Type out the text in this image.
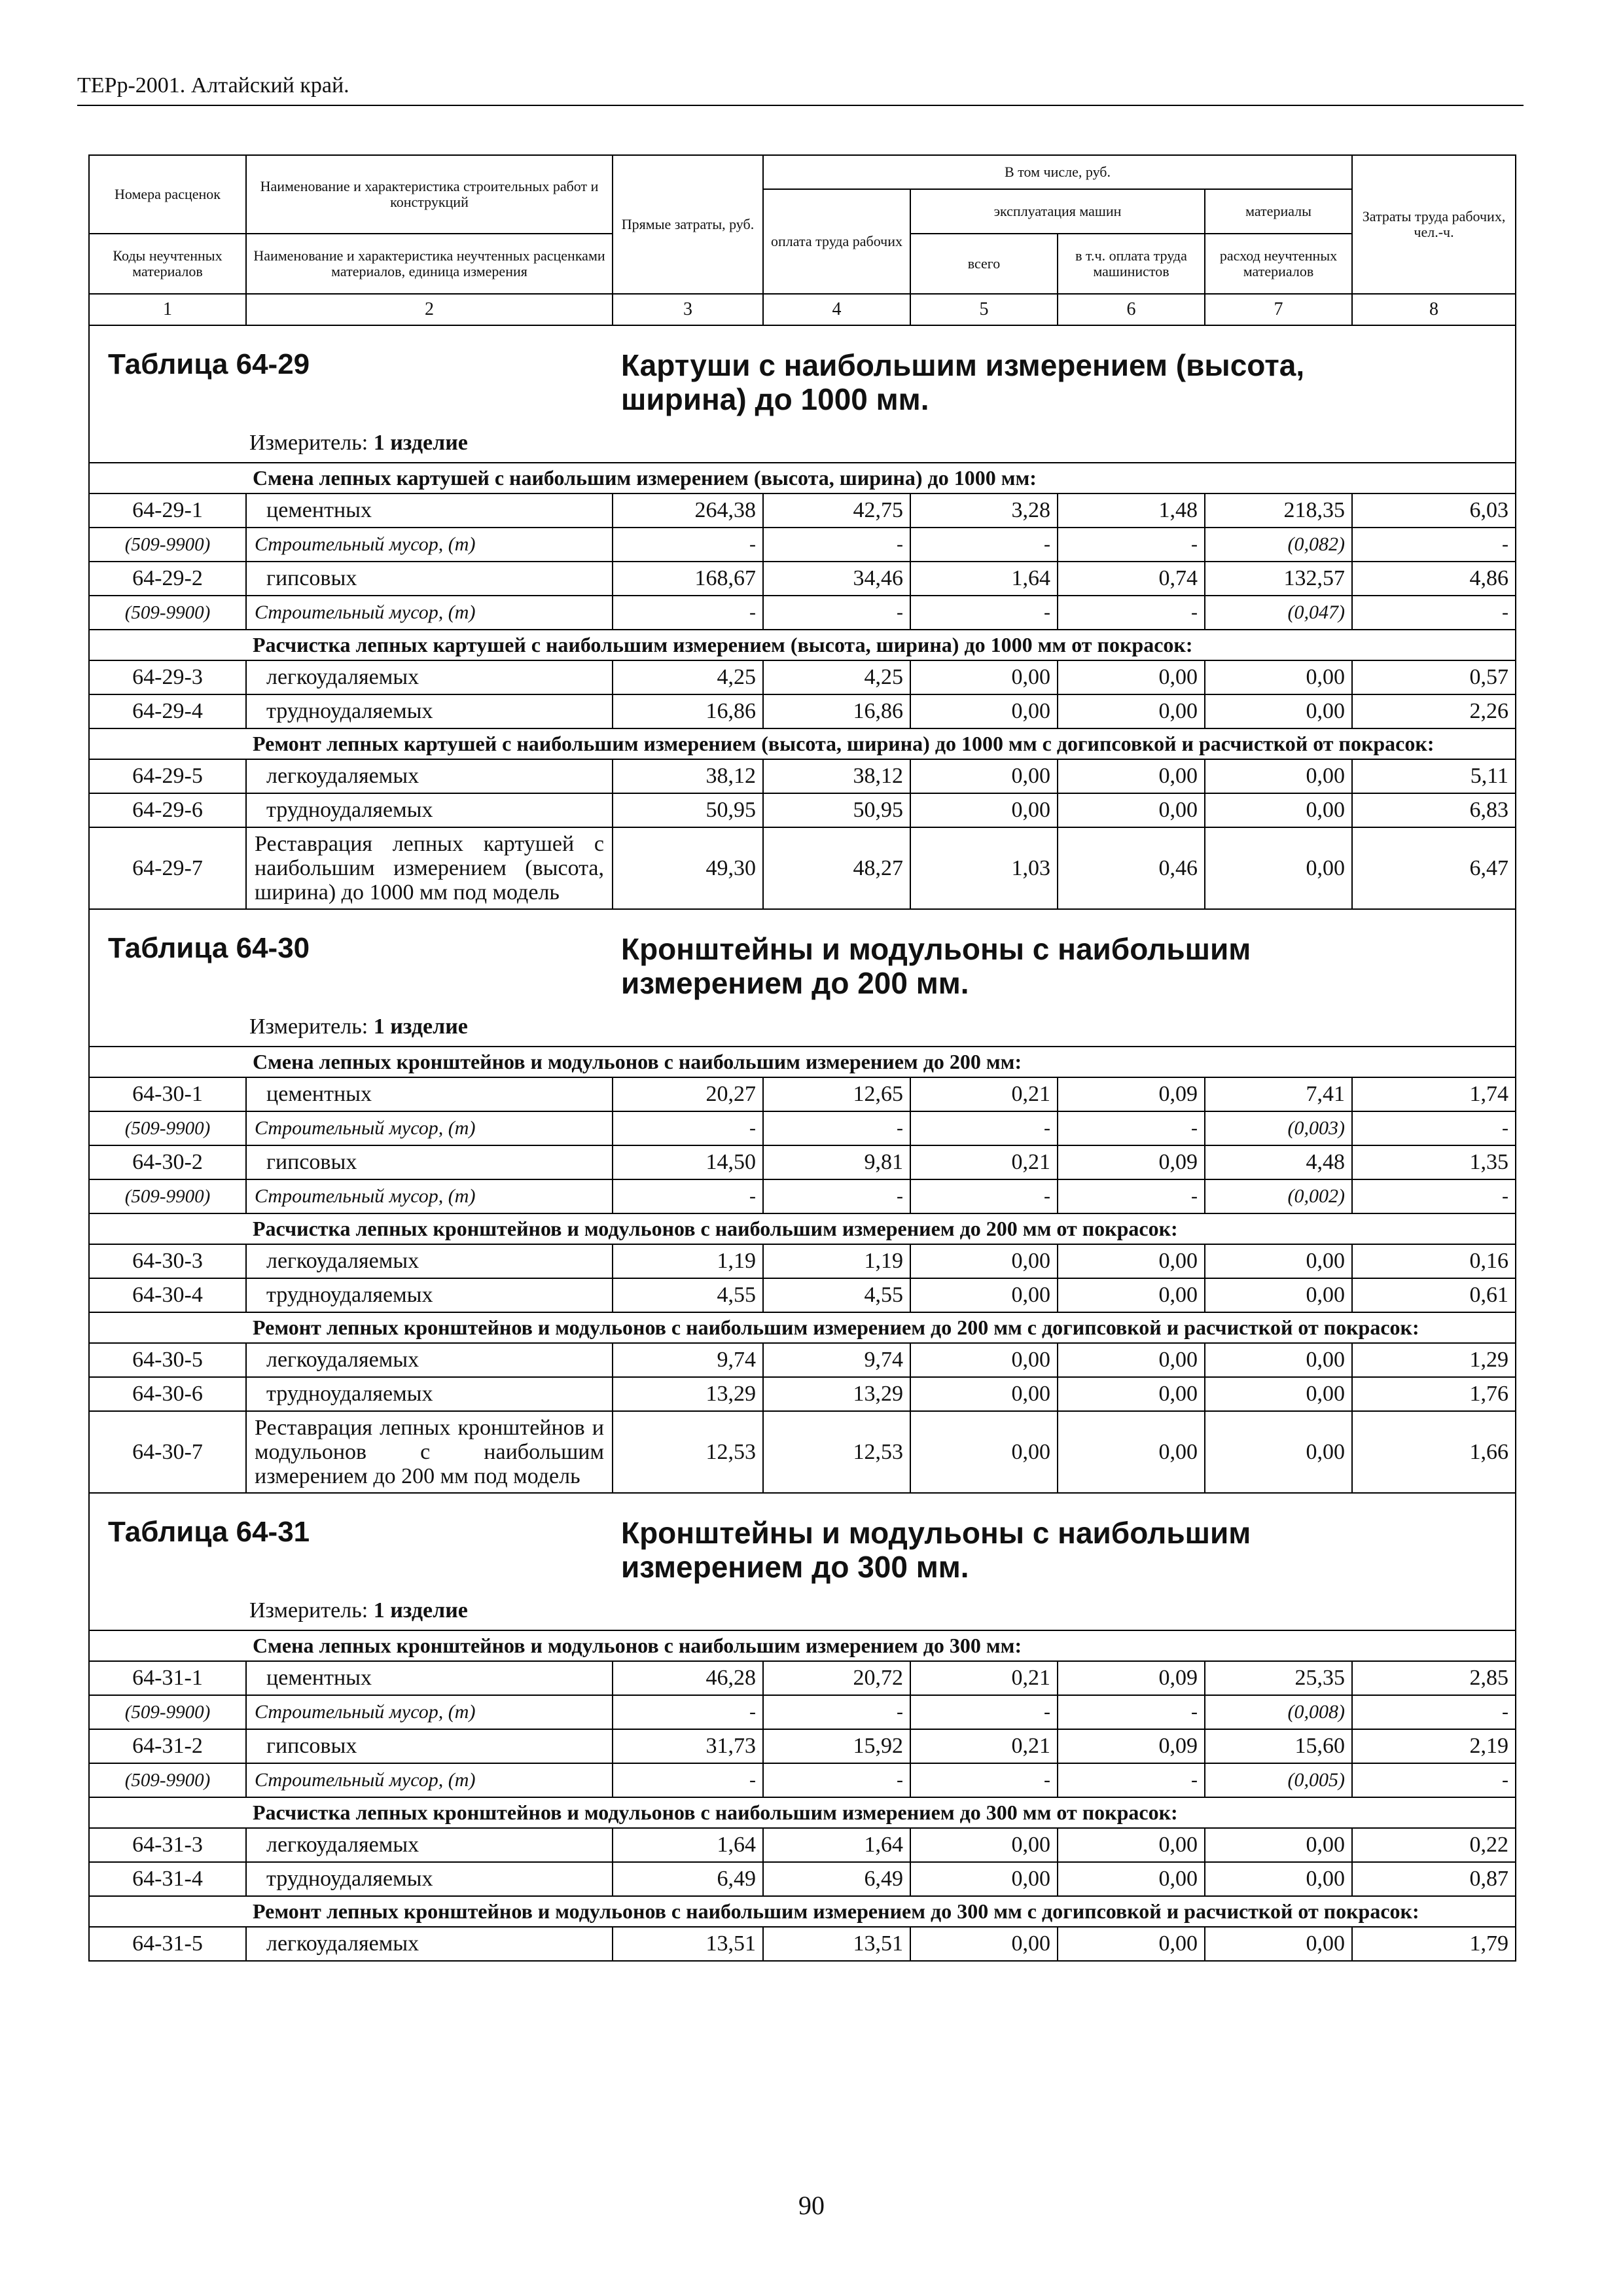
ТЕРр-2001. Алтайский край.
Номера расценок	Наименование и характеристика строительных работ и конструкций	Прямые затраты, руб.	В том числе, руб.				Затраты труда рабочих, чел.-ч.
			оплата труда рабочих	эксплуатация машин		материалы	
Коды неучтенных материалов	Наименование и характеристика неучтенных расценками материалов, единица измерения			всего	в т.ч. оплата труда машинистов	расход неучтенных материалов	
1	2	3	4	5	6	7	8

Таблица 64-29 Картуши с наибольшим измерением (высота, ширина) до 1000 мм.
Измеритель: 1 изделие							

	Смена лепных картушей с наибольшим измерением (высота, ширина) до 1000 мм:						
64-29-1	цементных	264,38	42,75	3,28	1,48	218,35	6,03
(509-9900)	Строительный мусор, (т)	-	-	-	-	(0,082)	-
64-29-2	гипсовых	168,67	34,46	1,64	0,74	132,57	4,86
(509-9900)	Строительный мусор, (т)	-	-	-	-	(0,047)	-
	Расчистка лепных картушей с наибольшим измерением (высота, ширина) до 1000 мм от покрасок:						
64-29-3	легкоудаляемых	4,25	4,25	0,00	0,00	0,00	0,57
64-29-4	трудноудаляемых	16,86	16,86	0,00	0,00	0,00	2,26
	Ремонт лепных картушей с наибольшим измерением (высота, ширина) до 1000 мм с догипсовкой и расчисткой от покрасок:						
64-29-5	легкоудаляемых	38,12	38,12	0,00	0,00	0,00	5,11
64-29-6	трудноудаляемых	50,95	50,95	0,00	0,00	0,00	6,83
64-29-7	Реставрация лепных картушей с наибольшим измерением (высота, ширина) до 1000 мм под модель	49,30	48,27	1,03	0,46	0,00	6,47

Таблица 64-30 Кронштейны и модульоны с наибольшим измерением до 200 мм.
Измеритель: 1 изделие							

	Смена лепных кронштейнов и модульонов с наибольшим измерением до 200 мм:						
64-30-1	цементных	20,27	12,65	0,21	0,09	7,41	1,74
(509-9900)	Строительный мусор, (т)	-	-	-	-	(0,003)	-
64-30-2	гипсовых	14,50	9,81	0,21	0,09	4,48	1,35
(509-9900)	Строительный мусор, (т)	-	-	-	-	(0,002)	-
	Расчистка лепных кронштейнов и модульонов с наибольшим измерением до 200 мм от покрасок:						
64-30-3	легкоудаляемых	1,19	1,19	0,00	0,00	0,00	0,16
64-30-4	трудноудаляемых	4,55	4,55	0,00	0,00	0,00	0,61
	Ремонт лепных кронштейнов и модульонов с наибольшим измерением до 200 мм с догипсовкой и расчисткой от покрасок:						
64-30-5	легкоудаляемых	9,74	9,74	0,00	0,00	0,00	1,29
64-30-6	трудноудаляемых	13,29	13,29	0,00	0,00	0,00	1,76
64-30-7	Реставрация лепных кронштейнов и модульонов с наибольшим измерением до 200 мм под модель	12,53	12,53	0,00	0,00	0,00	1,66

Таблица 64-31 Кронштейны и модульоны с наибольшим измерением до 300 мм.
Измеритель: 1 изделие							

	Смена лепных кронштейнов и модульонов с наибольшим измерением до 300 мм:						
64-31-1	цементных	46,28	20,72	0,21	0,09	25,35	2,85
(509-9900)	Строительный мусор, (т)	-	-	-	-	(0,008)	-
64-31-2	гипсовых	31,73	15,92	0,21	0,09	15,60	2,19
(509-9900)	Строительный мусор, (т)	-	-	-	-	(0,005)	-
	Расчистка лепных кронштейнов и модульонов с наибольшим измерением до 300 мм от покрасок:						
64-31-3	легкоудаляемых	1,64	1,64	0,00	0,00	0,00	0,22
64-31-4	трудноудаляемых	6,49	6,49	0,00	0,00	0,00	0,87
	Ремонт лепных кронштейнов и модульонов с наибольшим измерением до 300 мм с догипсовкой и расчисткой от покрасок:						
64-31-5	легкоудаляемых	13,51	13,51	0,00	0,00	0,00	1,79
90
